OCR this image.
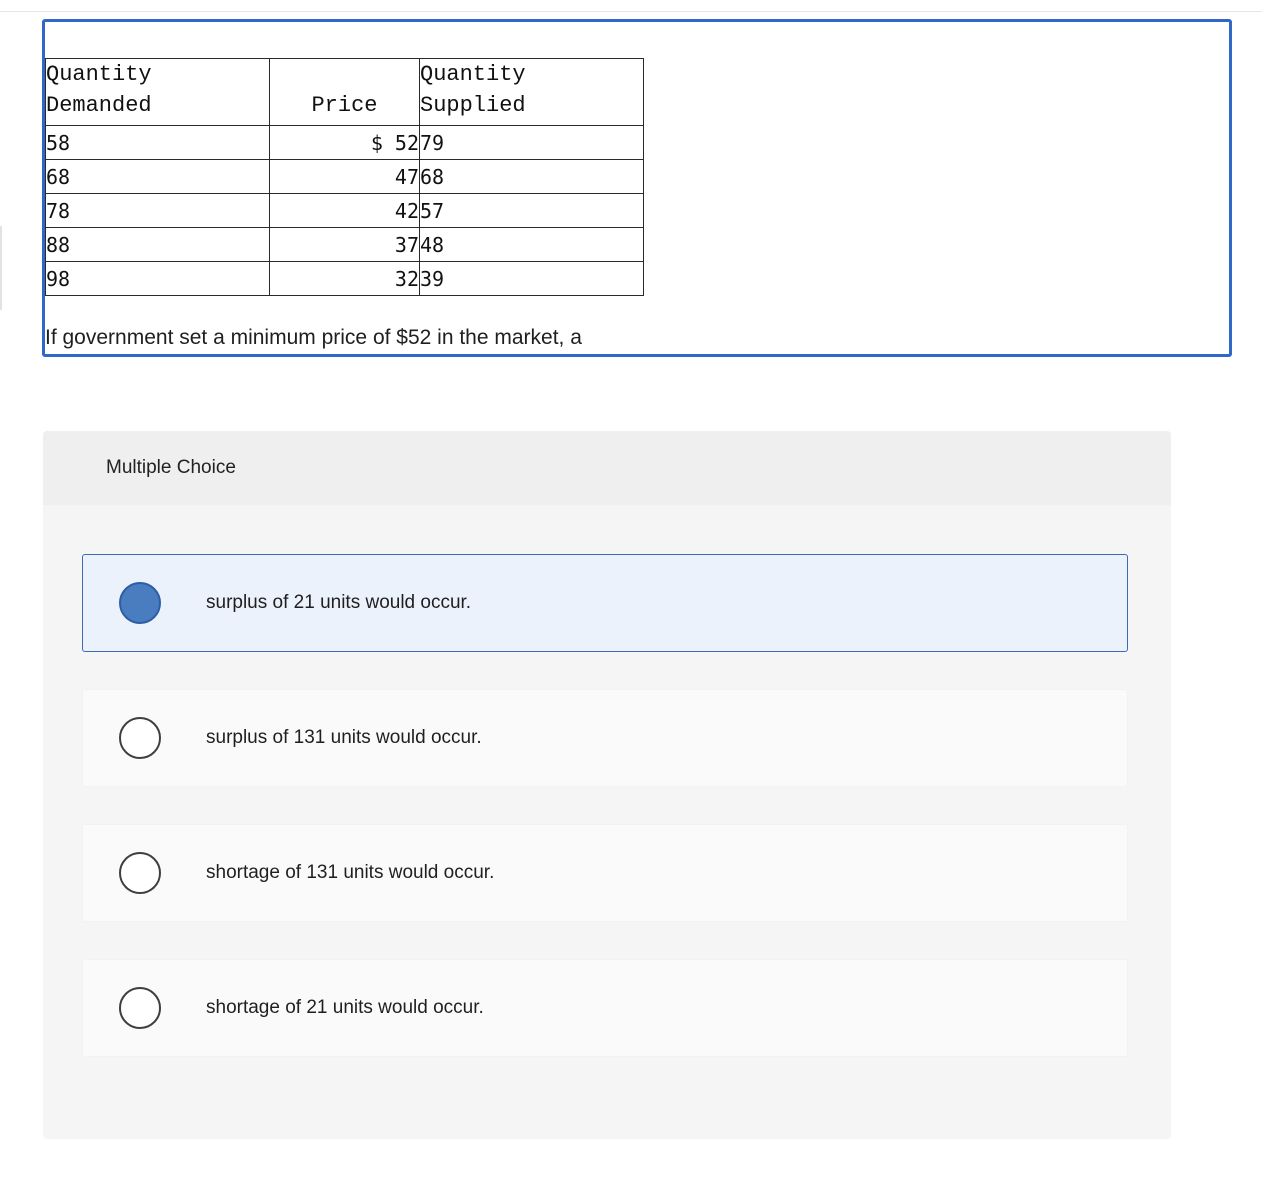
Quantity
Demanded	Price	Quantity
Supplied
58	$ 52	79
68	47	68
78	42	57
88	37	48
98	32	39
If government set a minimum price of $52 in the market, a
Multiple Choice
surplus of 21 units would occur.
surplus of 131 units would occur.
shortage of 131 units would occur.
shortage of 21 units would occur.
